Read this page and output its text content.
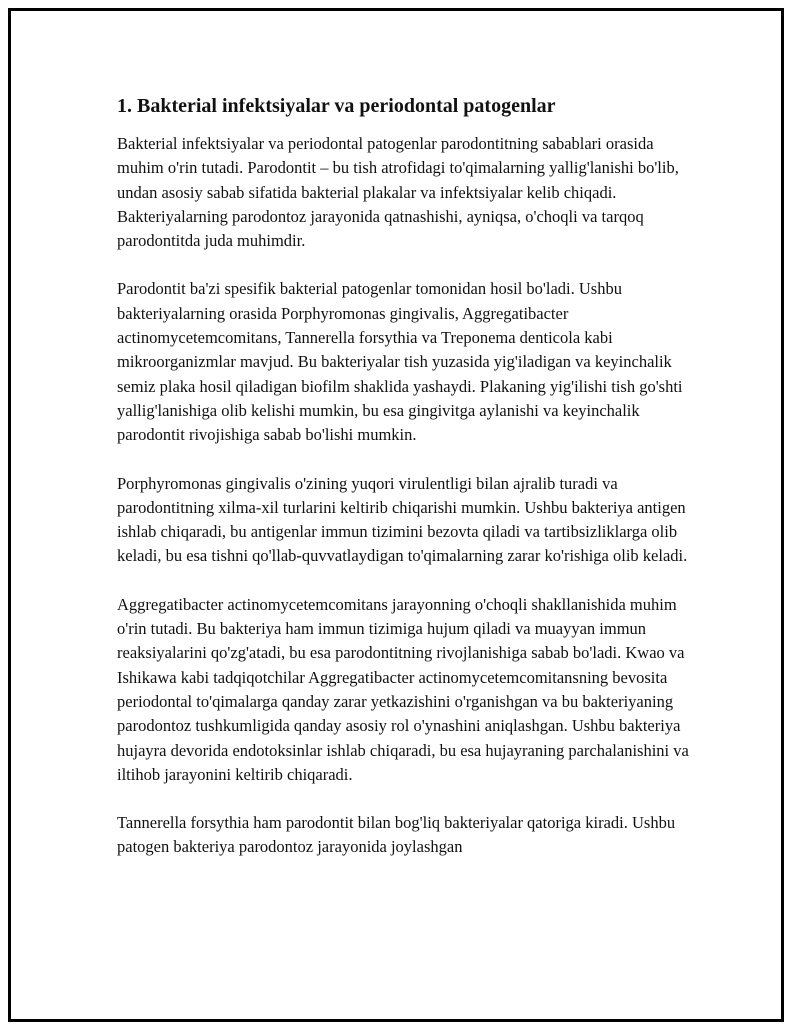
1. Bakterial infektsiyalar va periodontal patogenlar

Bakterial infektsiyalar va periodontal patogenlar parodontitning sabablari orasida muhim o'rin tutadi. Parodontit – bu tish atrofidagi to'qimalarning yallig'lanishi bo'lib, undan asosiy sabab sifatida bakterial plakalar va infektsiyalar kelib chiqadi. Bakteriyalarning parodontoz jarayonida qatnashishi, ayniqsa, o'choqli va tarqoq parodontitda juda muhimdir.

Parodontit ba'zi spesifik bakterial patogenlar tomonidan hosil bo'ladi. Ushbu bakteriyalarning orasida Porphyromonas gingivalis, Aggregatibacter actinomycetemcomitans, Tannerella forsythia va Treponema denticola kabi mikroorganizmlar mavjud. Bu bakteriyalar tish yuzasida yig'iladigan va keyinchalik semiz plaka hosil qiladigan biofilm shaklida yashaydi. Plakaning yig'ilishi tish go'shti yallig'lanishiga olib kelishi mumkin, bu esa gingivitga aylanishi va keyinchalik parodontit rivojishiga sabab bo'lishi mumkin.

Porphyromonas gingivalis o'zining yuqori virulentligi bilan ajralib turadi va parodontitning xilma-xil turlarini keltirib chiqarishi mumkin. Ushbu bakteriya antigen ishlab chiqaradi, bu antigenlar immun tizimini bezovta qiladi va tartibsizliklarga olib keladi, bu esa tishni qo'llab-quvvatlaydigan to'qimalarning zarar ko'rishiga olib keladi.

Aggregatibacter actinomycetemcomitans jarayonning o'choqli shakllanishida muhim o'rin tutadi. Bu bakteriya ham immun tizimiga hujum qiladi va muayyan immun reaksiyalarini qo'zg'atadi, bu esa parodontitning rivojlanishiga sabab bo'ladi. Kwao va Ishikawa kabi tadqiqotchilar Aggregatibacter actinomycetemcomitansning bevosita periodontal to'qimalarga qanday zarar yetkazishini o'rganishgan va bu bakteriyaning parodontoz tushkumligida qanday asosiy rol o'ynashini aniqlashgan. Ushbu bakteriya hujayra devorida endotoksinlar ishlab chiqaradi, bu esa hujayraning parchalanishini va iltihob jarayonini keltirib chiqaradi.

Tannerella forsythia ham parodontit bilan bog'liq bakteriyalar qatoriga kiradi. Ushbu patogen bakteriya parodontoz jarayonida joylashgan
